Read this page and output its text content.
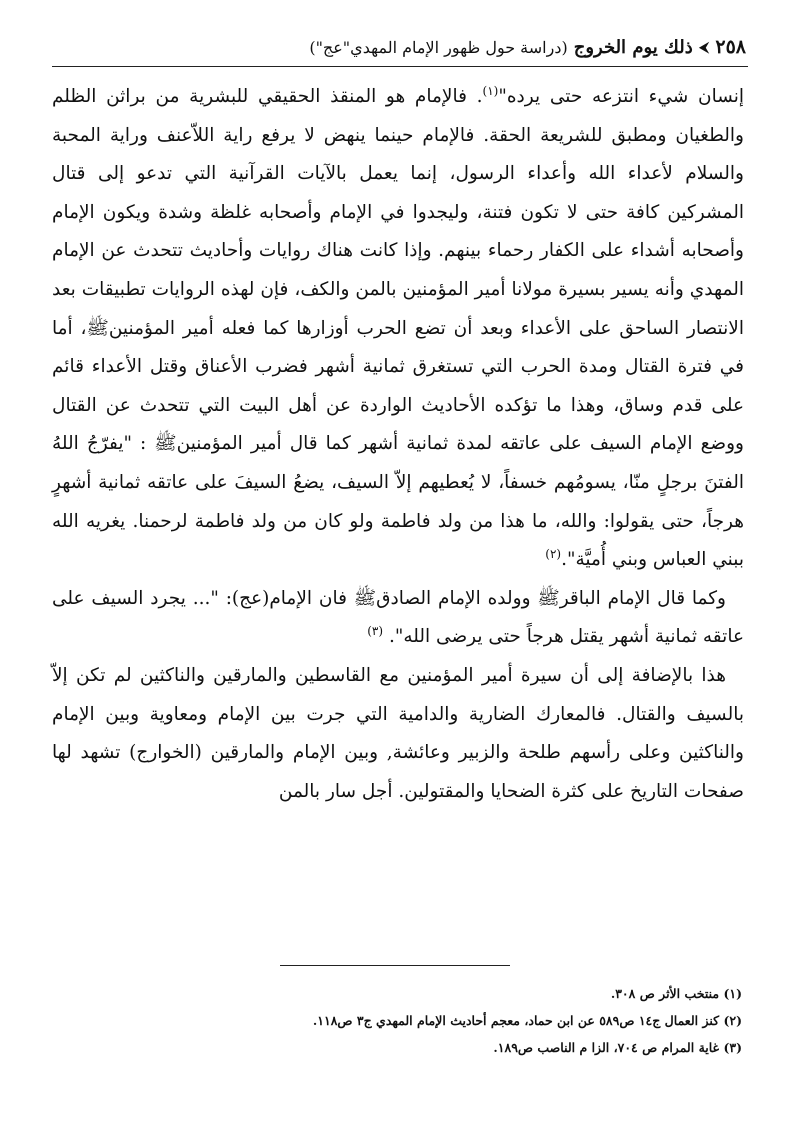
٢٥٨
⮜
ذلك يوم الخروج
(دراسة حول ظهور الإمام المهدي"عج")

إنسان شيء انتزعه حتى يرده"$^{(١)}$. فالإمام هو المنقذ الحقيقي للبشرية من براثن الظلم والطغيان ومطبق للشريعة الحقة. فالإمام حينما ينهض لا يرفع راية اللاّعنف وراية المحبة والسلام لأعداء الله وأعداء الرسول، إنما يعمل بالآيات القرآنية التي تدعو إلى قتال المشركين كافة حتى لا تكون فتنة، وليجدوا في الإمام وأصحابه غلظة وشدة ويكون الإمام وأصحابه أشداء على الكفار رحماء بينهم. وإذا كانت هناك روايات وأحاديث تتحدث عن الإمام المهدي وأنه يسير بسيرة مولانا أمير المؤمنين بالمن والكف، فإن لهذه الروايات تطبيقات بعد الانتصار الساحق على الأعداء وبعد أن تضع الحرب أوزارها كما فعله أمير المؤمنينﷺ، أما في فترة القتال ومدة الحرب التي تستغرق ثمانية أشهر فضرب الأعناق وقتل الأعداء قائم على قدم وساق، وهذا ما تؤكده الأحاديث الواردة عن أهل البيت التي تتحدث عن القتال ووضع الإمام السيف على عاتقه لمدة ثمانية أشهر كما قال أمير المؤمنينﷺ : "يفرّجُ اللهُ الفتنَ برجلٍ منّا، يسومُهم خسفاً، لا يُعطيهم إلاّ السيف، يضعُ السيفَ على عاتقه ثمانية أشهرٍ هرجاً، حتى يقولوا: والله، ما هذا من ولد فاطمة ولو كان من ولد فاطمة لرحمنا. يغريه الله ببني العباس وبني أُميَّة".$^{(٢)}$

وكما قال الإمام الباقرﷺ وولده الإمام الصادقﷺ فان الإمام(عج): "... يجرد السيف على عاتقه ثمانية أشهر يقتل هرجاً حتى يرضى الله". $^{(٣)}$

هذا بالإضافة إلى أن سيرة أمير المؤمنين مع القاسطين والمارقين والناكثين لم تكن إلاّ بالسيف والقتال. فالمعارك الضارية والدامية التي جرت بين الإمام ومعاوية وبين الإمام والناكثين وعلى رأسهم طلحة والزبير وعائشة, وبين الإمام والمارقين (الخوارج) تشهد لها صفحات التاريخ على كثرة الضحايا والمقتولين. أجل سار بالمن

(١) منتخب الأثر ص ٣٠٨.

(٢) كنز العمال ج١٤ ص٥٨٩ عن ابن حماد، معجم أحاديث الإمام المهدي ج٣ ص١١٨.

(٣) غاية المرام ص ٧٠٤، الزا م الناصب ص١٨٩.
